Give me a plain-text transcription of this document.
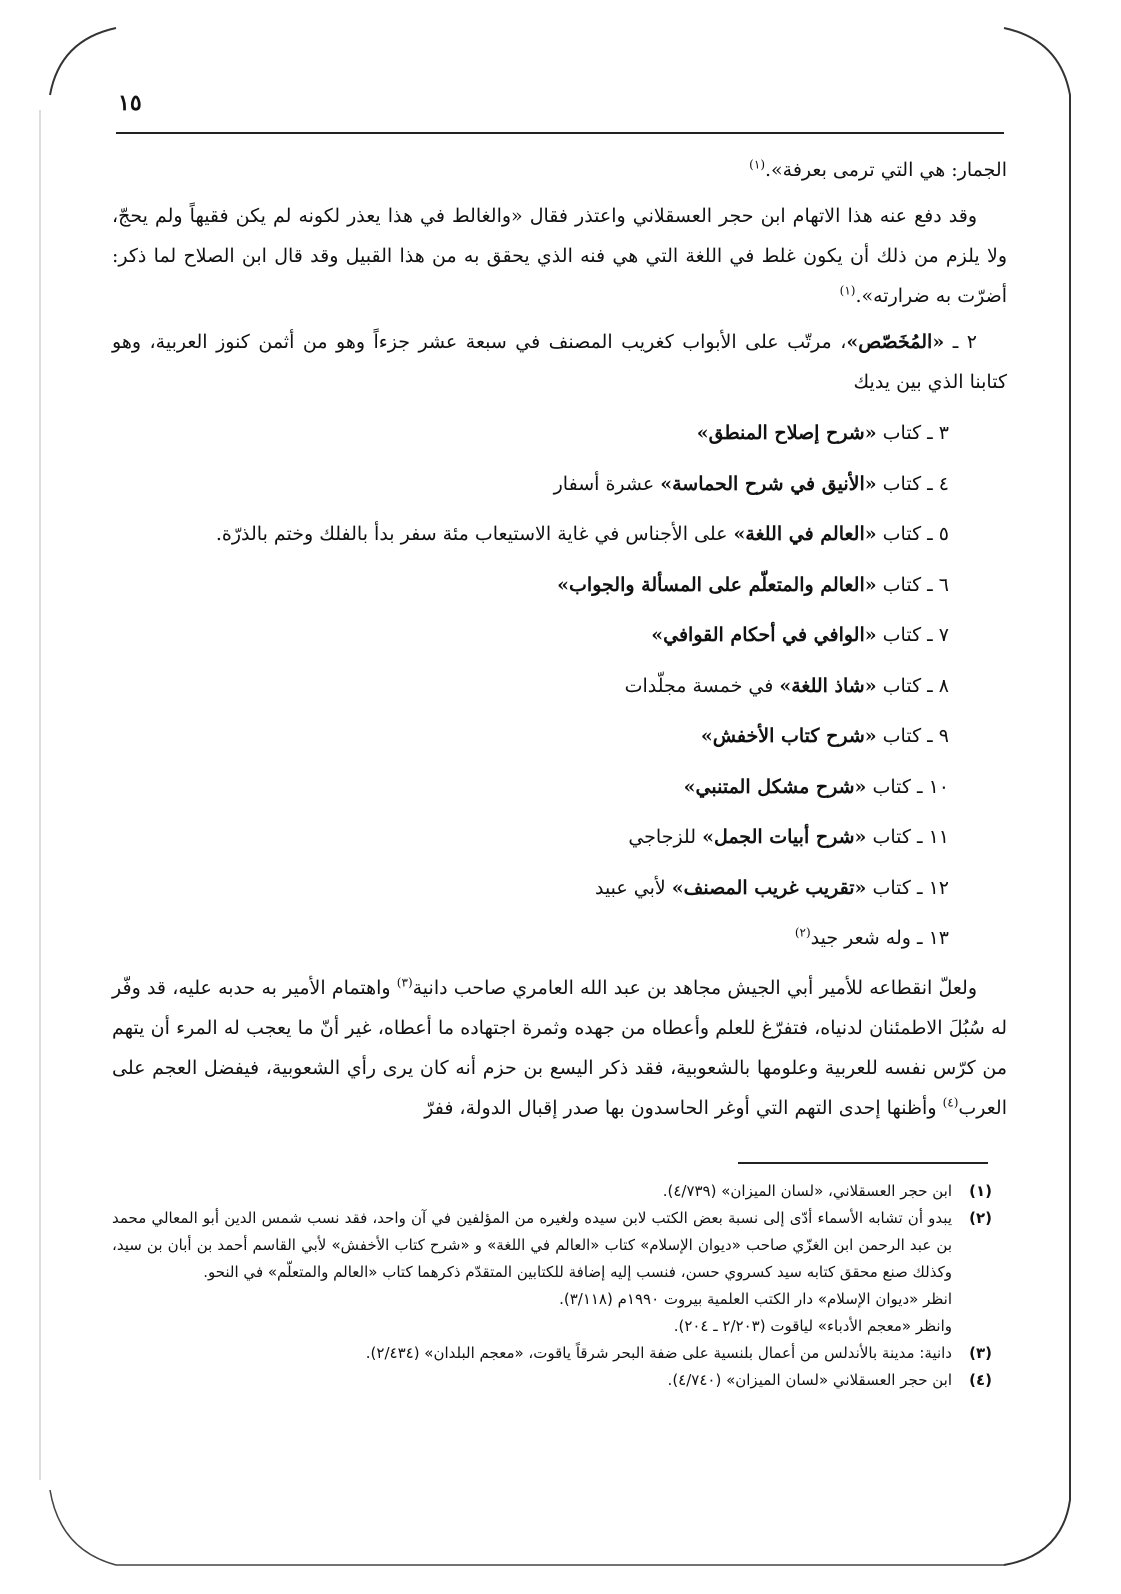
١٥

الجمار: هي التي ترمى بعرفة».$^{(١)}$

وقد دفع عنه هذا الاتهام ابن حجر العسقلاني واعتذر فقال «والغالط في هذا يعذر لكونه لم يكن فقيهاً ولم يحجّ، ولا يلزم من ذلك أن يكون غلط في اللغة التي هي فنه الذي يحقق به من هذا القبيل وقد قال ابن الصلاح لما ذكر: أضرّت به ضرارته».$^{(١)}$

٢ ـ «المُخَصّص»، مرتّب على الأبواب كغريب المصنف في سبعة عشر جزءاً وهو من أثمن كنوز العربية، وهو كتابنا الذي بين يديك

٣ ـ كتاب «شرح إصلاح المنطق»
٤ ـ كتاب «الأنيق في شرح الحماسة» عشرة أسفار
٥ ـ كتاب «العالم في اللغة» على الأجناس في غاية الاستيعاب مئة سفر بدأ بالفلك وختم بالذرّة.
٦ ـ كتاب «العالم والمتعلّم على المسألة والجواب»
٧ ـ كتاب «الوافي في أحكام القوافي»
٨ ـ كتاب «شاذ اللغة» في خمسة مجلّدات
٩ ـ كتاب «شرح كتاب الأخفش»
١٠ ـ كتاب «شرح مشكل المتنبي»
١١ ـ كتاب «شرح أبيات الجمل» للزجاجي
١٢ ـ كتاب «تقريب غريب المصنف» لأبي عبيد
١٣ ـ وله شعر جيد$^{(٢)}$

ولعلّ انقطاعه للأمير أبي الجيش مجاهد بن عبد الله العامري صاحب دانية$^{(٣)}$ واهتمام الأمير به حدبه عليه، قد وفّر له سُبُلَ الاطمئنان لدنياه، فتفرّغ للعلم وأعطاه من جهده وثمرة اجتهاده ما أعطاه، غير أنّ ما يعجب له المرء أن يتهم من كرّس نفسه للعربية وعلومها بالشعوبية، فقد ذكر اليسع بن حزم أنه كان يرى رأي الشعوبية، فيفضل العجم على العرب$^{(٤)}$ وأظنها إحدى التهم التي أوغر الحاسدون بها صدر إقبال الدولة، ففرّ

(١)
ابن حجر العسقلاني، «لسان الميزان» (٤/٧٣٩).
(٢)
يبدو أن تشابه الأسماء أدّى إلى نسبة بعض الكتب لابن سيده ولغيره من المؤلفين في آن واحد، فقد نسب شمس الدين أبو المعالي محمد بن عبد الرحمن ابن الغزّي صاحب «ديوان الإسلام» كتاب «العالم في اللغة» و «شرح كتاب الأخفش» لأبي القاسم أحمد بن أبان بن سيد، وكذلك صنع محقق كتابه سيد كسروي حسن، فنسب إليه إضافة للكتابين المتقدّم ذكرهما كتاب «العالم والمتعلّم» في النحو.
انظر «ديوان الإسلام» دار الكتب العلمية بيروت ١٩٩٠م (٣/١١٨).
وانظر «معجم الأدباء» لياقوت (٢/٢٠٣ ـ ٢٠٤).
(٣)
دانية: مدينة بالأندلس من أعمال بلنسية على ضفة البحر شرقاً ياقوت، «معجم البلدان» (٢/٤٣٤).
(٤)
ابن حجر العسقلاني «لسان الميزان» (٤/٧٤٠).
